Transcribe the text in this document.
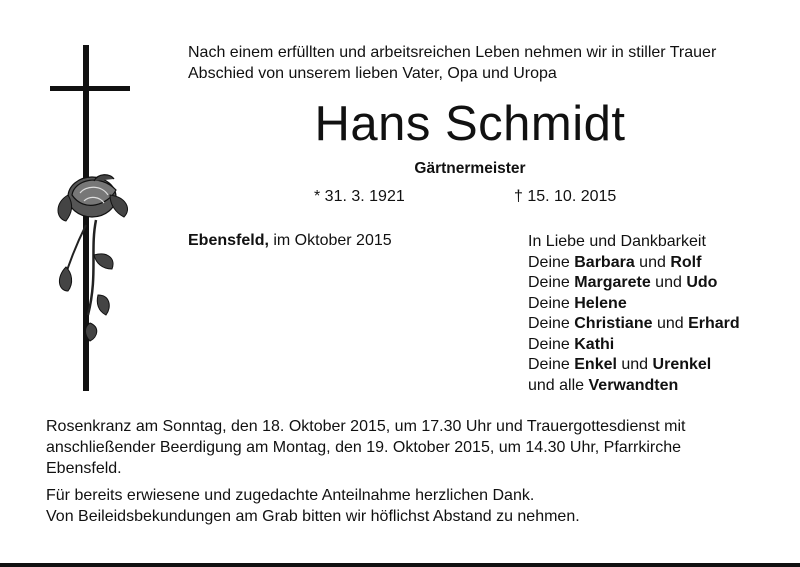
Nach einem erfüllten und arbeitsreichen Leben nehmen wir in stiller Trauer
Abschied von unserem lieben Vater, Opa und Uropa

Hans Schmidt

Gärtnermeister

* 31. 3. 1921	† 15. 10. 2015
Ebensfeld, im Oktober 2015	In Liebe und Dankbarkeit
Deine Barbara und Rolf
Deine Margarete und Udo
Deine Helene
Deine Christiane und Erhard
Deine Kathi
Deine Enkel und Urenkel
und alle Verwandten

Rosenkranz am Sonntag, den 18. Oktober 2015, um 17.30 Uhr und Trauergottesdienst mit
anschließender Beerdigung am Montag, den 19. Oktober 2015, um 14.30 Uhr, Pfarrkirche
Ebensfeld.

Für bereits erwiesene und zugedachte Anteilnahme herzlichen Dank.
Von Beileidsbekundungen am Grab bitten wir höflichst Abstand zu nehmen.
